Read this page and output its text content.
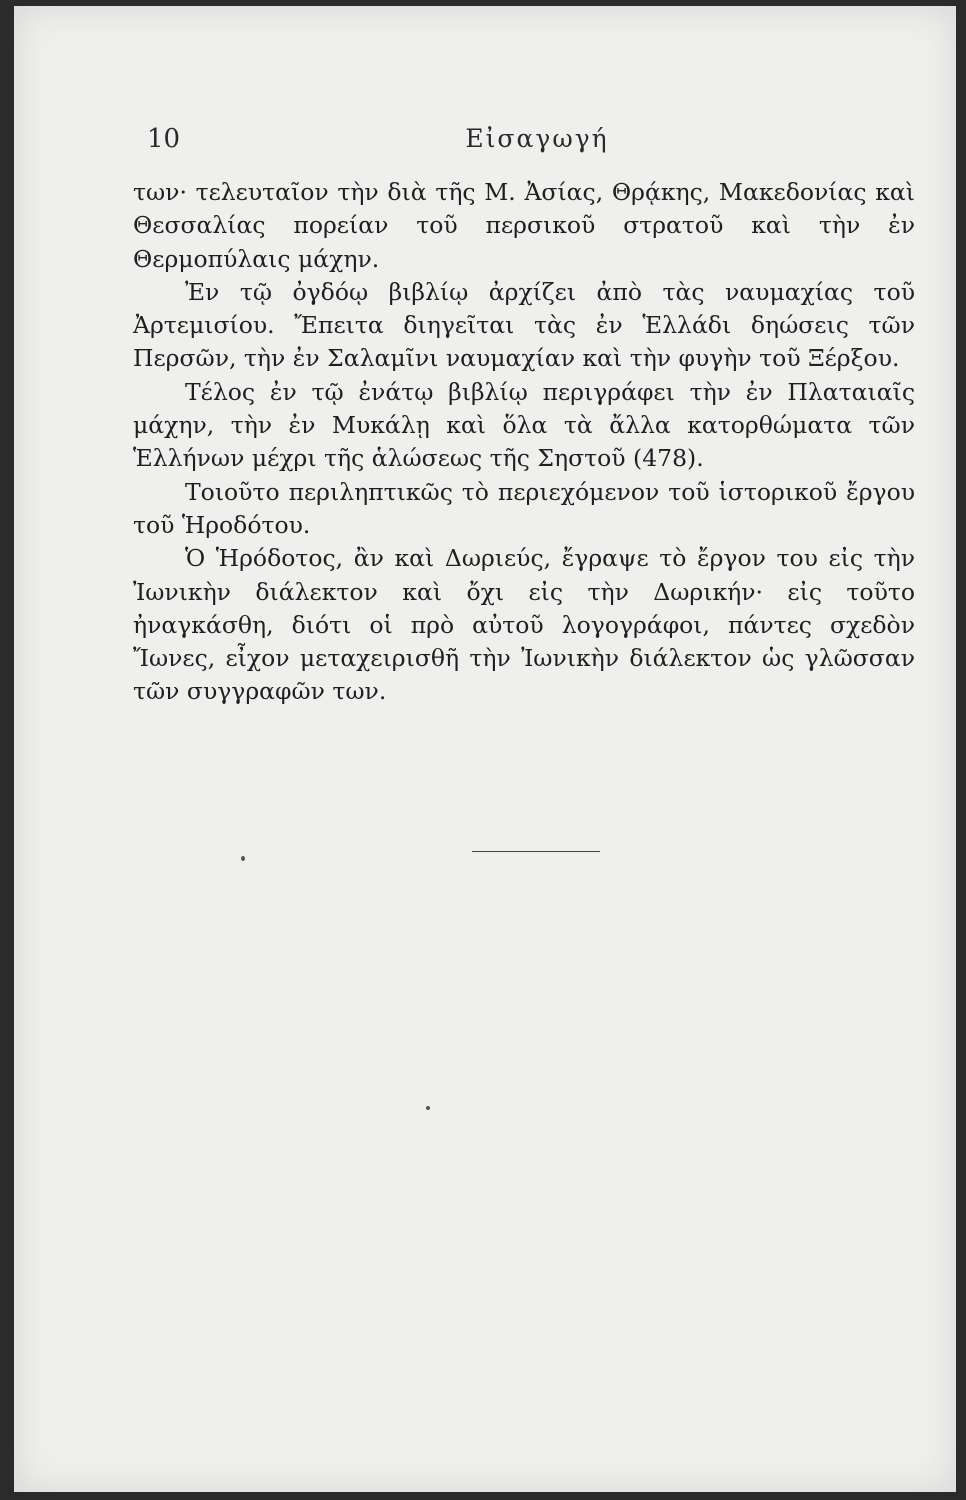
10	Εἰσαγωγή

των· τελευταῖον τὴν διὰ τῆς Μ. Ἀσίας, Θρᾴκης, Μακεδονίας καὶ Θεσσαλίας πορείαν τοῦ περσικοῦ στρατοῦ καὶ τὴν ἐν Θερμοπύλαις μάχην.

Ἐν τῷ ὀγδόῳ βιβλίῳ ἀρχίζει ἀπὸ τὰς ναυμαχίας τοῦ Ἀρτεμισίου. Ἔπειτα διηγεῖται τὰς ἐν Ἑλλάδι δηώσεις τῶν Περσῶν, τὴν ἐν Σαλαμῖνι ναυμαχίαν καὶ τὴν φυγὴν τοῦ Ξέρξου.

Τέλος ἐν τῷ ἐνάτῳ βιβλίῳ περιγράφει τὴν ἐν Πλαταιαῖς μάχην, τὴν ἐν Μυκάλῃ καὶ ὅλα τὰ ἄλλα κατορθώματα τῶν Ἑλλήνων μέχρι τῆς ἁλώσεως τῆς Σηστοῦ (478).

Τοιοῦτο περιληπτικῶς τὸ περιεχόμενον τοῦ ἱστορικοῦ ἔργου τοῦ Ἡροδότου.

Ὁ Ἡρόδοτος, ἂν καὶ Δωριεύς, ἔγραψε τὸ ἔργον του εἰς τὴν Ἰωνικὴν διάλεκτον καὶ ὄχι εἰς τὴν Δωρικήν· εἰς τοῦτο ἠναγκάσθη, διότι οἱ πρὸ αὐτοῦ λογογράφοι, πάντες σχεδὸν Ἴωνες, εἶχον μεταχειρισθῆ τὴν Ἰωνικὴν διάλεκτον ὡς γλῶσσαν τῶν συγγραφῶν των.
